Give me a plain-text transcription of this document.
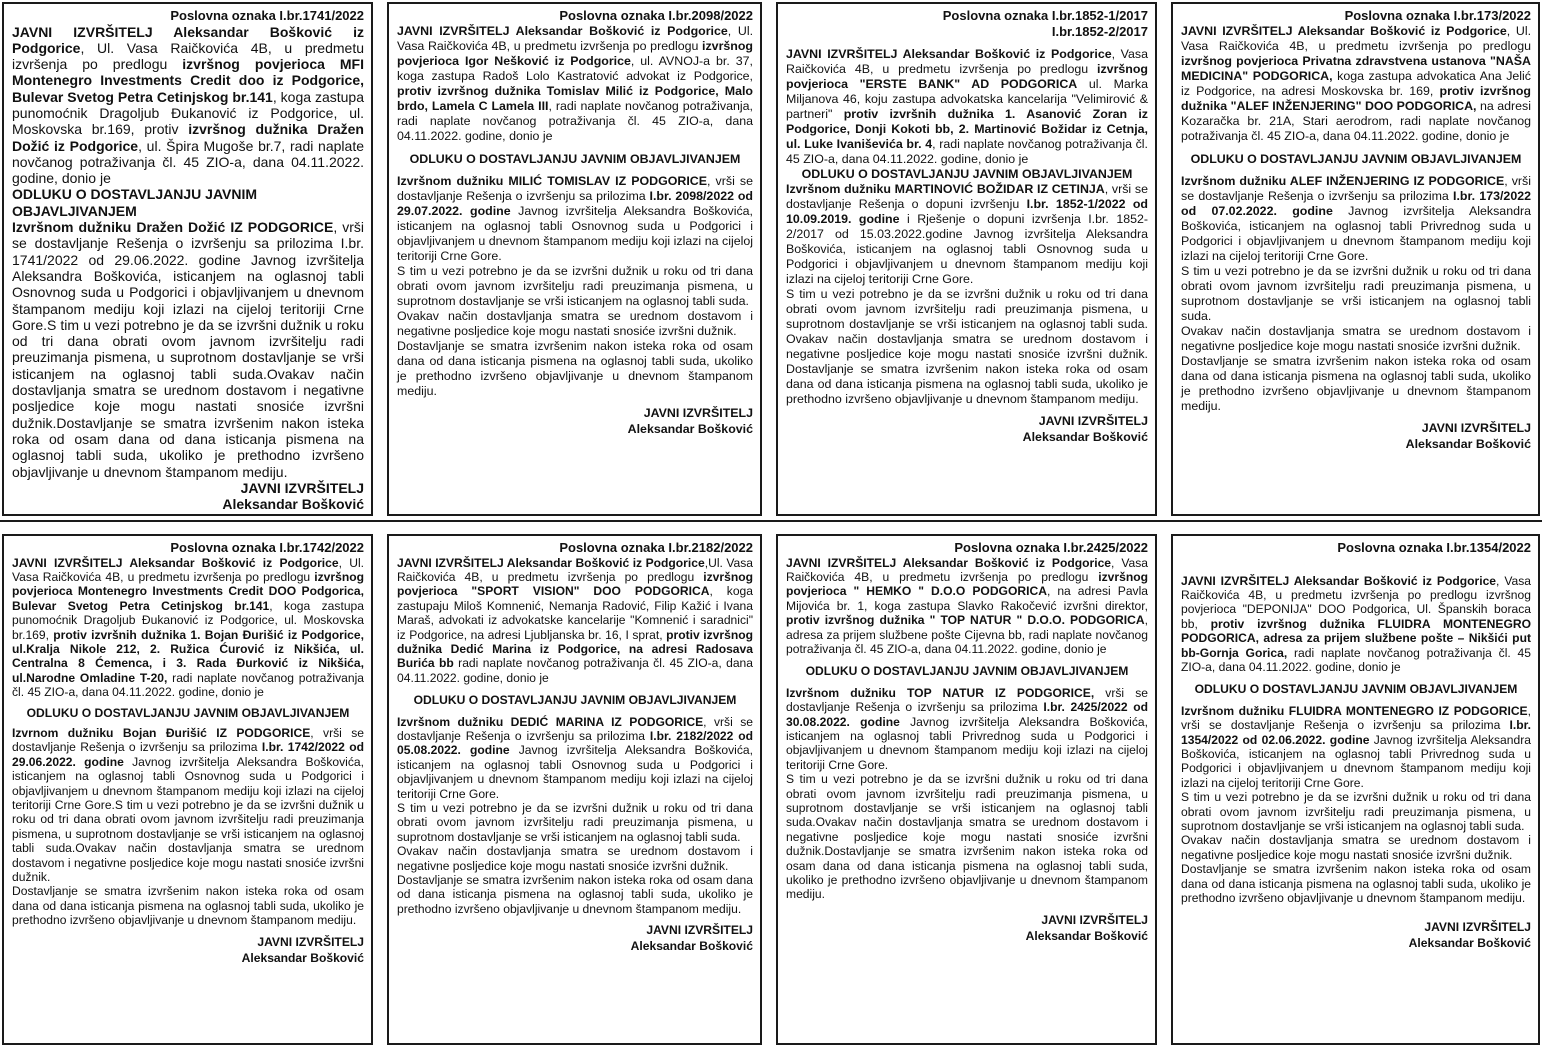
Poslovna oznaka I.br.1741/2022

JAVNI IZVRŠITELJ Aleksandar Bošković iz Podgorice, Ul. Vasa Raičkovića 4B, u predmetu izvršenja po predlogu izvršnog povjerioca MFI Montenegro Investments Credit doo iz Podgorice, Bulevar Svetog Petra Cetinjskog br.141, koga zastupa punomoćnik Dragoljub Đukanović iz Podgorice, ul. Moskovska br.169, protiv izvršnog dužnika Dražen Dožić iz Podgorice, ul. Špira Mugoše br.7, radi naplate novčanog potraživanja čl. 45 ZIO-a, dana 04.11.2022. godine, donio je

ODLUKU O DOSTAVLJANJU JAVNIM OBJAVLJIVANJEM

Izvršnom dužniku Dražen Dožić IZ PODGORICE, vrši se dostavljanje Rešenja o izvršenju sa prilozima I.br. 1741/2022 od 29.06.2022. godine Javnog izvršitelja Aleksandra Boškovića, isticanjem na oglasnoj tabli Osnovnog suda u Podgorici i objavljivanjem u dnevnom štampanom mediju koji izlazi na cijeloj teritoriji Crne Gore.S tim u vezi potrebno je da se izvršni dužnik u roku od tri dana obrati ovom javnom izvršitelju radi preuzimanja pismena, u suprotnom dostavljanje se vrši isticanjem na oglasnoj tabli suda.Ovakav način dostavljanja smatra se urednom dostavom i negativne posljedice koje mogu nastati snosiće izvršni dužnik.Dostavljanje se smatra izvršenim nakon isteka roka od osam dana od dana isticanja pismena na oglasnoj tabli suda, ukoliko je prethodno izvršeno objavljivanje u dnevnom štampanom mediju.

JAVNI IZVRŠITELJ
Aleksandar Bošković
Poslovna oznaka I.br.2098/2022

JAVNI IZVRŠITELJ Aleksandar Bošković iz Podgorice, Ul. Vasa Raičkovića 4B, u predmetu izvršenja po predlogu izvršnog povjerioca Igor Nešković iz Podgorice, ul. AVNOJ-a br. 37, koga zastupa Radoš Lolo Kastratović advokat iz Podgorice, protiv izvršnog dužnika Tomislav Milić iz Podgorice, Malo brdo, Lamela C Lamela III, radi naplate novčanog potraživanja, radi naplate novčanog potraživanja čl. 45 ZIO-a, dana 04.11.2022. godine, donio je

ODLUKU O DOSTAVLJANJU JAVNIM OBJAVLJIVANJEM

Izvršnom dužniku MILIĆ TOMISLAV IZ PODGORICE, vrši se dostavljanje Rešenja o izvršenju sa prilozima I.br. 2098/2022 od 29.07.2022. godine Javnog izvršitelja Aleksandra Boškovića, isticanjem na oglasnoj tabli Osnovnog suda u Podgorici i objavljivanjem u dnevnom štampanom mediju koji izlazi na cijeloj teritoriji Crne Gore.
S tim u vezi potrebno je da se izvršni dužnik u roku od tri dana obrati ovom javnom izvršitelju radi preuzimanja pismena, u suprotnom dostavljanje se vrši isticanjem na oglasnoj tabli suda.
Ovakav način dostavljanja smatra se urednom dostavom i negativne posljedice koje mogu nastati snosiće izvršni dužnik.
Dostavljanje se smatra izvršenim nakon isteka roka od osam dana od dana isticanja pismena na oglasnoj tabli suda, ukoliko je prethodno izvršeno objavljivanje u dnevnom štampanom mediju.

JAVNI IZVRŠITELJ
Aleksandar Bošković
Poslovna oznaka I.br.1852-1/2017
I.br.1852-2/2017

JAVNI IZVRŠITELJ Aleksandar Bošković iz Podgorice, Vasa Raičkovića 4B, u predmetu izvršenja po predlogu izvršnog povjerioca "ERSTE BANK" AD PODGORICA ul. Marka Miljanova 46, koju zastupa advokatska kancelarija "Velimirović & partneri" protiv izvršnih dužnika 1. Asanović Zoran iz Podgorice, Donji Kokoti bb, 2. Martinović Božidar iz Cetnja, ul. Luke Ivaniševića br. 4, radi naplate novčanog potraživanja čl. 45 ZIO-a, dana 04.11.2022. godine, donio je

ODLUKU O DOSTAVLJANJU JAVNIM OBJAVLJIVANJEM

Izvršnom dužniku MARTINOVIĆ BOŽIDAR IZ CETINJA, vrši se dostavljanje Rešenja o dopuni izvršenju I.br. 1852-1/2022 od 10.09.2019. godine i Rješenje o dopuni izvršenja I.br. 1852-2/2017 od 15.03.2022.godine Javnog izvršitelja Aleksandra Boškovića, isticanjem na oglasnoj tabli Osnovnog suda u Podgorici i objavljivanjem u dnevnom štampanom mediju koji izlazi na cijeloj teritoriji Crne Gore.
S tim u vezi potrebno je da se izvršni dužnik u roku od tri dana obrati ovom javnom izvršitelju radi preuzimanja pismena, u suprotnom dostavljanje se vrši isticanjem na oglasnoj tabli suda. Ovakav način dostavljanja smatra se urednom dostavom i negativne posljedice koje mogu nastati snosiće izvršni dužnik. Dostavljanje se smatra izvršenim nakon isteka roka od osam dana od dana isticanja pismena na oglasnoj tabli suda, ukoliko je prethodno izvršeno objavljivanje u dnevnom štampanom mediju.

JAVNI IZVRŠITELJ
Aleksandar Bošković
Poslovna oznaka I.br.173/2022

JAVNI IZVRŠITELJ Aleksandar Bošković iz Podgorice, Ul. Vasa Raičkovića 4B, u predmetu izvršenja po predlogu izvršnog povjerioca Privatna zdravstvena ustanova "NAŠA MEDICINA" PODGORICA, koga zastupa advokatica Ana Jelić iz Podgorice, na adresi Moskovska br. 169, protiv izvršnog dužnika "ALEF INŽENJERING" DOO PODGORICA, na adresi Kozaračka br. 21A, Stari aerodrom, radi naplate novčanog potraživanja čl. 45 ZIO-a, dana 04.11.2022. godine, donio je

ODLUKU O DOSTAVLJANJU JAVNIM OBJAVLJIVANJEM

Izvršnom dužniku ALEF INŽENJERING IZ PODGORICE, vrši se dostavljanje Rešenja o izvršenju sa prilozima I.br. 173/2022 od 07.02.2022. godine Javnog izvršitelja Aleksandra Boškovića, isticanjem na oglasnoj tabli Privrednog suda u Podgorici i objavljivanjem u dnevnom štampanom mediju koji izlazi na cijeloj teritoriji Crne Gore.
S tim u vezi potrebno je da se izvršni dužnik u roku od tri dana obrati ovom javnom izvršitelju radi preuzimanja pismena, u suprotnom dostavljanje se vrši isticanjem na oglasnoj tabli suda.
Ovakav način dostavljanja smatra se urednom dostavom i negativne posljedice koje mogu nastati snosiće izvršni dužnik.
Dostavljanje se smatra izvršenim nakon isteka roka od osam dana od dana isticanja pismena na oglasnoj tabli suda, ukoliko je prethodno izvršeno objavljivanje u dnevnom štampanom mediju.

JAVNI IZVRŠITELJ
Aleksandar Bošković
Poslovna oznaka I.br.1742/2022

JAVNI IZVRŠITELJ Aleksandar Bošković iz Podgorice, Ul. Vasa Raičkovića 4B, u predmetu izvršenja po predlogu izvršnog povjerioca Montenegro Investments Credit DOO Podgorica, Bulevar Svetog Petra Cetinjskog br.141, koga zastupa punomoćnik Dragoljub Đukanović iz Podgorice, ul. Moskovska br.169, protiv izvršnih dužnika 1. Bojan Đurišić iz Podgorice, ul.Kralja Nikole 212, 2. Ružica Ćurović iz Nikšića, ul. Centralna 8 Ćemenca, i 3. Rada Đurković iz Nikšića, ul.Narodne Omladine T-20, radi naplate novčanog potraživanja čl. 45 ZIO-a, dana 04.11.2022. godine, donio je

ODLUKU O DOSTAVLJANJU JAVNIM OBJAVLJIVANJEM

Izvrnom dužniku Bojan Đurišić IZ PODGORICE, vrši se dostavljanje Rešenja o izvršenju sa prilozima I.br. 1742/2022 od 29.06.2022. godine Javnog izvršitelja Aleksandra Boškovića, isticanjem na oglasnoj tabli Osnovnog suda u Podgorici i objavljivanjem u dnevnom štampanom mediju koji izlazi na cijeloj teritoriji Crne Gore.S tim u vezi potrebno je da se izvršni dužnik u roku od tri dana obrati ovom javnom izvršitelju radi preuzimanja pismena, u suprotnom dostavljanje se vrši isticanjem na oglasnoj tabli suda.Ovakav način dostavljanja smatra se urednom dostavom i negativne posljedice koje mogu nastati snosiće izvršni dužnik.
Dostavljanje se smatra izvršenim nakon isteka roka od osam dana od dana isticanja pismena na oglasnoj tabli suda, ukoliko je prethodno izvršeno objavljivanje u dnevnom štampanom mediju.

JAVNI IZVRŠITELJ
Aleksandar Bošković
Poslovna oznaka I.br.2182/2022

JAVNI IZVRŠITELJ Aleksandar Bošković iz Podgorice,Ul. Vasa Raičkovića 4B, u predmetu izvršenja po predlogu izvršnog povjerioca "SPORT VISION" DOO PODGORICA, koga zastupaju Miloš Komnenić, Nemanja Radović, Filip Kažić i Ivana Maraš, advokati iz advokatske kancelarije "Komnenić i saradnici" iz Podgorice, na adresi Ljubljanska br. 16, I sprat, protiv izvršnog dužnika Dedić Marina iz Podgorice, na adresi Radosava Burića bb radi naplate novčanog potraživanja čl. 45 ZIO-a, dana 04.11.2022. godine, donio je

ODLUKU O DOSTAVLJANJU JAVNIM OBJAVLJIVANJEM

Izvršnom dužniku DEDIĆ MARINA IZ PODGORICE, vrši se dostavljanje Rešenja o izvršenju sa prilozima I.br. 2182/2022 od 05.08.2022. godine Javnog izvršitelja Aleksandra Boškovića, isticanjem na oglasnoj tabli Osnovnog suda u Podgorici i objavljivanjem u dnevnom štampanom mediju koji izlazi na cijeloj teritoriji Crne Gore.
S tim u vezi potrebno je da se izvršni dužnik u roku od tri dana obrati ovom javnom izvršitelju radi preuzimanja pismena, u suprotnom dostavljanje se vrši isticanjem na oglasnoj tabli suda.
Ovakav način dostavljanja smatra se urednom dostavom i negativne posljedice koje mogu nastati snosiće izvršni dužnik.
Dostavljanje se smatra izvršenim nakon isteka roka od osam dana od dana isticanja pismena na oglasnoj tabli suda, ukoliko je prethodno izvršeno objavljivanje u dnevnom štampanom mediju.

JAVNI IZVRŠITELJ
Aleksandar Bošković
Poslovna oznaka I.br.2425/2022

JAVNI IZVRŠITELJ Aleksandar Bošković iz Podgorice, Vasa Raičkovića 4B, u predmetu izvršenja po predlogu izvršnog povjerioca " HEMKO " D.O.O PODGORICA, na adresi Pavla Mijovića br. 1, koga zastupa Slavko Rakočević izvršni direktor, protiv izvršnog dužnika " TOP NATUR " D.O.O. PODGORICA, adresa za prijem službene pošte Cijevna bb, radi naplate novčanog potraživanja čl. 45 ZIO-a, dana 04.11.2022. godine, donio je

ODLUKU O DOSTAVLJANJU JAVNIM OBJAVLJIVANJEM

Izvršnom dužniku TOP NATUR IZ PODGORICE, vrši se dostavljanje Rešenja o izvršenju sa prilozima I.br. 2425/2022 od 30.08.2022. godine Javnog izvršitelja Aleksandra Boškovića, isticanjem na oglasnoj tabli Privrednog suda u Podgorici i objavljivanjem u dnevnom štampanom mediju koji izlazi na cijeloj teritoriji Crne Gore.
S tim u vezi potrebno je da se izvršni dužnik u roku od tri dana obrati ovom javnom izvršitelju radi preuzimanja pismena, u suprotnom dostavljanje se vrši isticanjem na oglasnoj tabli suda.Ovakav način dostavljanja smatra se urednom dostavom i negativne posljedice koje mogu nastati snosiće izvršni dužnik.Dostavljanje se smatra izvršenim nakon isteka roka od osam dana od dana isticanja pismena na oglasnoj tabli suda, ukoliko je prethodno izvršeno objavljivanje u dnevnom štampanom mediju.

JAVNI IZVRŠITELJ
Aleksandar Bošković
Poslovna oznaka I.br.1354/2022

JAVNI IZVRŠITELJ Aleksandar Bošković iz Podgorice, Vasa Raičkovića 4B, u predmetu izvršenja po predlogu izvršnog povjerioca "DEPONIJA" DOO Podgorica, Ul. Španskih boraca bb, protiv izvršnog dužnika FLUIDRA MONTENEGRO PODGORICA, adresa za prijem službene pošte – Nikšići put bb-Gornja Gorica, radi naplate novčanog potraživanja čl. 45 ZIO-a, dana 04.11.2022. godine, donio je

ODLUKU O DOSTAVLJANJU JAVNIM OBJAVLJIVANJEM

Izvršnom dužniku FLUIDRA MONTENEGRO IZ PODGORICE, vrši se dostavljanje Rešenja o izvršenju sa prilozima I.br. 1354/2022 od 02.06.2022. godine Javnog izvršitelja Aleksandra Boškovića, isticanjem na oglasnoj tabli Privrednog suda u Podgorici i objavljivanjem u dnevnom štampanom mediju koji izlazi na cijeloj teritoriji Crne Gore.
S tim u vezi potrebno je da se izvršni dužnik u roku od tri dana obrati ovom javnom izvršitelju radi preuzimanja pismena, u suprotnom dostavljanje se vrši isticanjem na oglasnoj tabli suda.
Ovakav način dostavljanja smatra se urednom dostavom i negativne posljedice koje mogu nastati snosiće izvršni dužnik.
Dostavljanje se smatra izvršenim nakon isteka roka od osam dana od dana isticanja pismena na oglasnoj tabli suda, ukoliko je prethodno izvršeno objavljivanje u dnevnom štampanom mediju.

JAVNI IZVRŠITELJ
Aleksandar Bošković
